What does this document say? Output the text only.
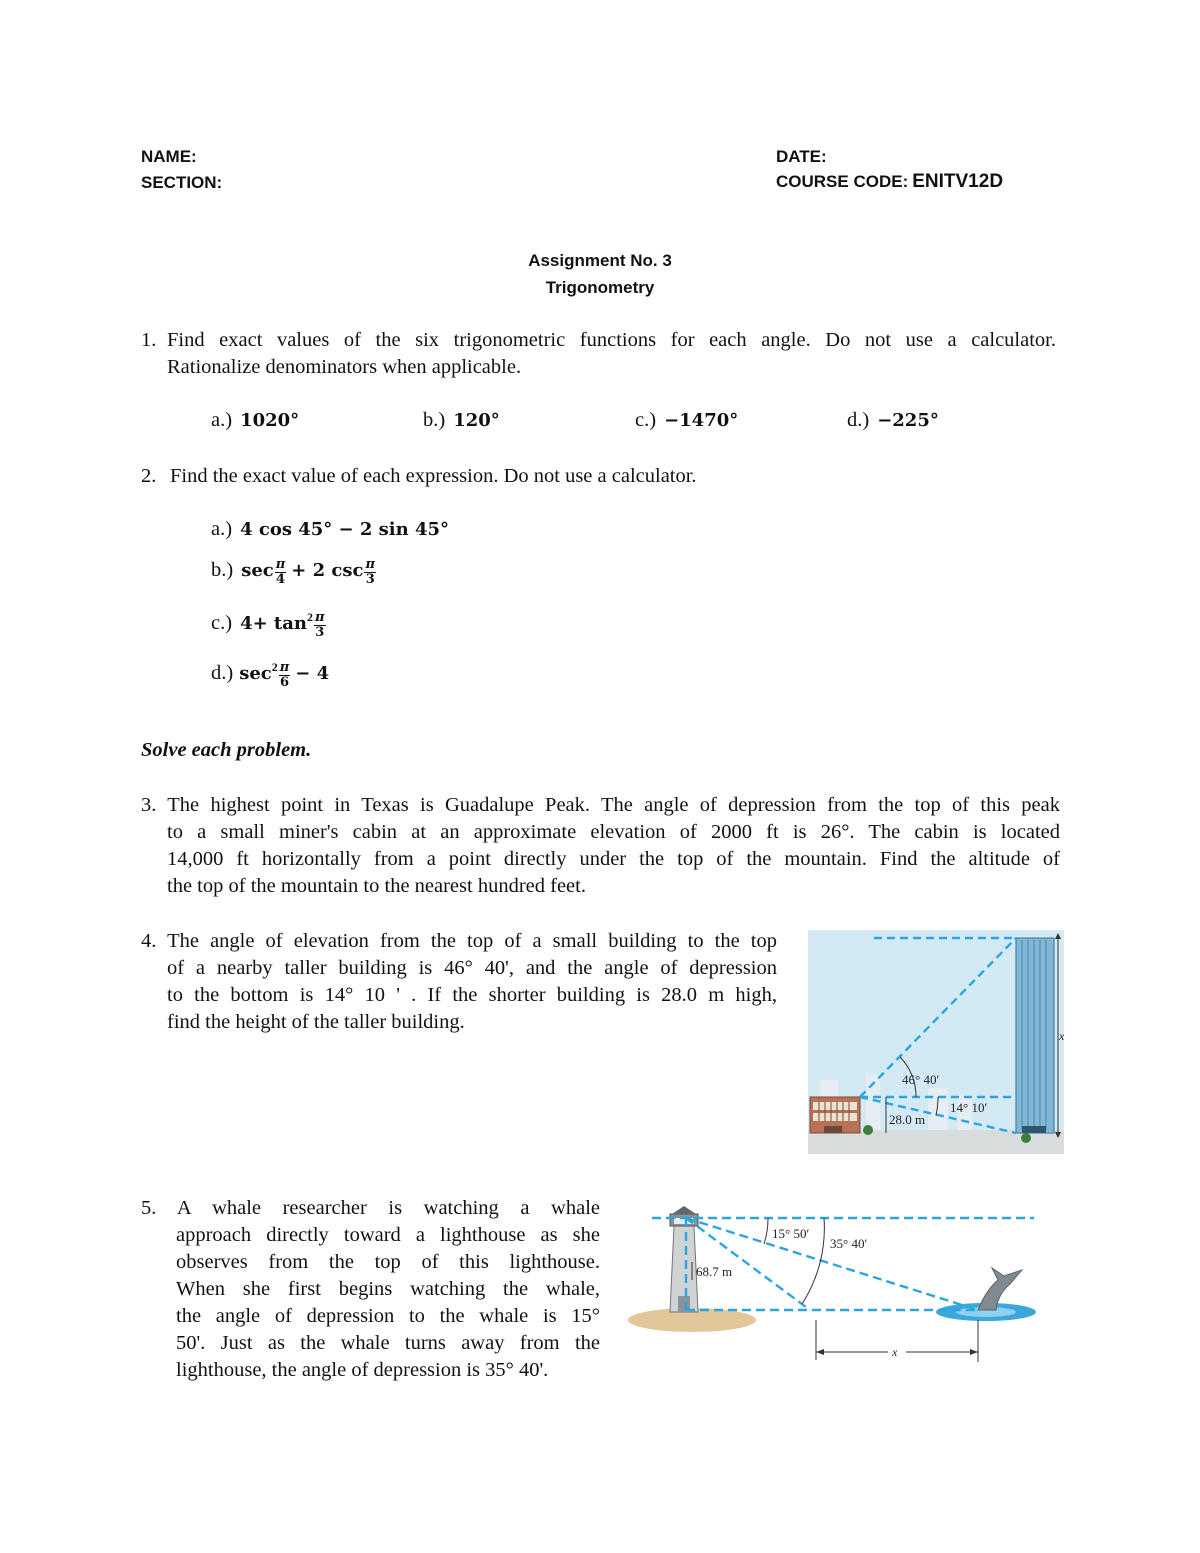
NAME:
SECTION:
DATE:
COURSE CODE: ENITV12D
Assignment No. 3
Trigonometry
1. Find exact values of the six trigonometric functions for each angle. Do not use a calculator.
Rationalize denominators when applicable.
a.) 1020°	b.) 120°	c.) −1470°	d.) −225°
2. Find the exact value of each expression. Do not use a calculator.
a.) 4 cos 45° − 2 sin 45°
b.) $\sec \frac{\pi}{4} + 2$ $\csc \frac{\pi}{3}$
c.) $4+ \tan^2 \frac{\pi}{3}$
d.) $\sec^2 \frac{\pi}{6} - 4$
Solve each problem.
3. The highest point in Texas is Guadalupe Peak. The angle of depression from the top of this peak
to a small miner's cabin at an approximate elevation of 2000 ft is 26°. The cabin is located
14,000 ft horizontally from a point directly under the top of the mountain. Find the altitude of
the top of the mountain to the nearest hundred feet.
4. The angle of elevation from the top of a small building to the top
of a nearby taller building is 46° 40', and the angle of depression
to the bottom is 14° 10 ' . If the shorter building is 28.0 m high,
find the height of the taller building.
46° 40′
14° 10′
28.0 m
x
5. A whale researcher is watching a whale
approach directly toward a lighthouse as she
observes from the top of this lighthouse.
When she first begins watching the whale,
the angle of depression to the whale is 15°
50'. Just as the whale turns away from the
lighthouse, the angle of depression is 35° 40'.
x
15° 50′
35° 40′
68.7 m
